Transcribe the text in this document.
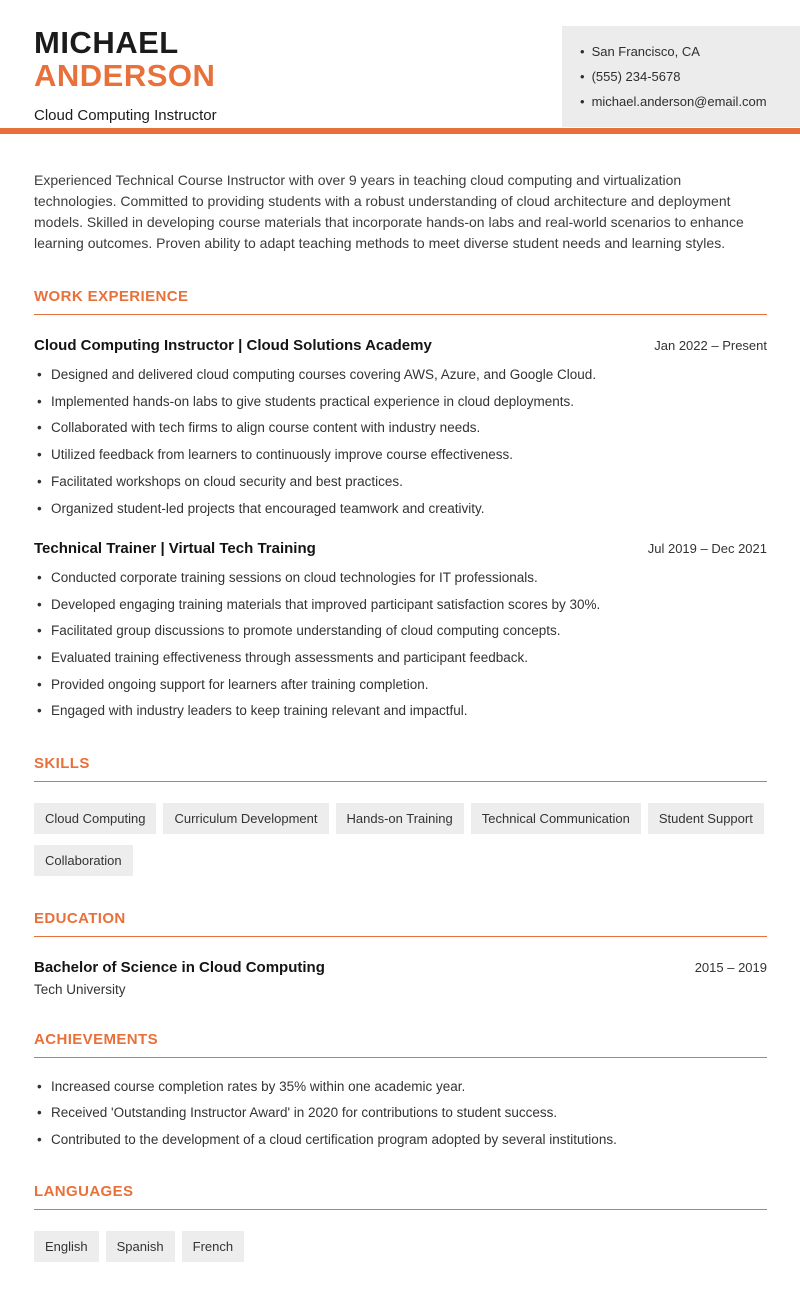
MICHAEL
ANDERSON
Cloud Computing Instructor
• San Francisco, CA
• (555) 234-5678
• michael.anderson@email.com

Experienced Technical Course Instructor with over 9 years in teaching cloud computing and virtualization technologies. Committed to providing students with a robust understanding of cloud architecture and deployment models. Skilled in developing course materials that incorporate hands-on labs and real-world scenarios to enhance learning outcomes. Proven ability to adapt teaching methods to meet diverse student needs and learning styles.

WORK EXPERIENCE
Cloud Computing Instructor | Cloud Solutions Academy	Jan 2022 – Present
• Designed and delivered cloud computing courses covering AWS, Azure, and Google Cloud.
• Implemented hands-on labs to give students practical experience in cloud deployments.
• Collaborated with tech firms to align course content with industry needs.
• Utilized feedback from learners to continuously improve course effectiveness.
• Facilitated workshops on cloud security and best practices.
• Organized student-led projects that encouraged teamwork and creativity.
Technical Trainer | Virtual Tech Training	Jul 2019 – Dec 2021
• Conducted corporate training sessions on cloud technologies for IT professionals.
• Developed engaging training materials that improved participant satisfaction scores by 30%.
• Facilitated group discussions to promote understanding of cloud computing concepts.
• Evaluated training effectiveness through assessments and participant feedback.
• Provided ongoing support for learners after training completion.
• Engaged with industry leaders to keep training relevant and impactful.
SKILLS
Cloud Computing	Curriculum Development	Hands-on Training	Technical Communication	Student Support
Collaboration
EDUCATION
Bachelor of Science in Cloud Computing	2015 – 2019
Tech University
ACHIEVEMENTS
• Increased course completion rates by 35% within one academic year.
• Received 'Outstanding Instructor Award' in 2020 for contributions to student success.
• Contributed to the development of a cloud certification program adopted by several institutions.
LANGUAGES
English	Spanish	French
